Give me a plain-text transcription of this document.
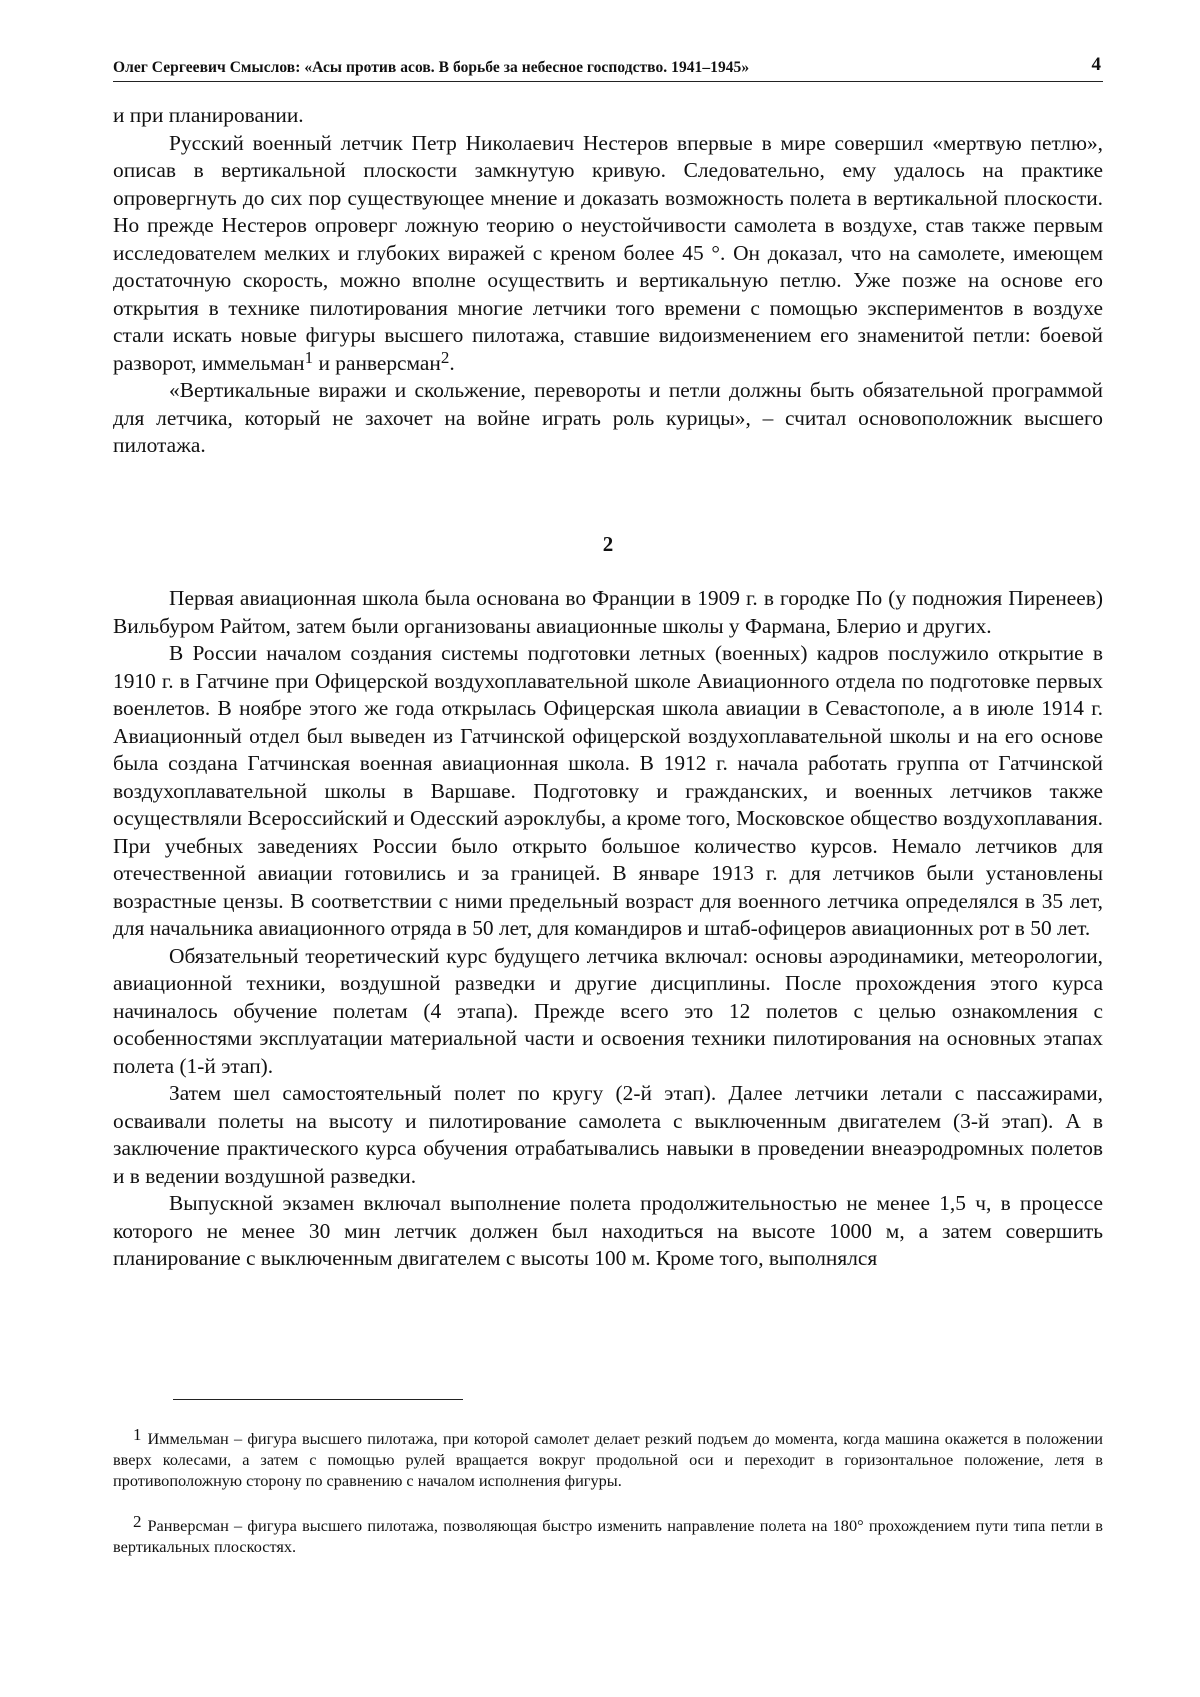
Олег Сергеевич Смыслов: «Асы против асов. В борьбе за небесное господство. 1941–1945»	4

и при планировании.

Русский военный летчик Петр Николаевич Нестеров впервые в мире совершил «мертвую петлю», описав в вертикальной плоскости замкнутую кривую. Следовательно, ему удалось на практике опровергнуть до сих пор существующее мнение и доказать возможность полета в вертикальной плоскости. Но прежде Нестеров опроверг ложную теорию о неустойчивости самолета в воздухе, став также первым исследователем мелких и глубоких виражей с креном более 45 °. Он доказал, что на самолете, имеющем достаточную скорость, можно вполне осуществить и вертикальную петлю. Уже позже на основе его открытия в технике пилотирования многие летчики того времени с помощью экспериментов в воздухе стали искать новые фигуры высшего пилотажа, ставшие видоизменением его знаменитой петли: боевой разворот, иммельман$^1$ и ранверсман$^2$.

«Вертикальные виражи и скольжение, перевороты и петли должны быть обязательной программой для летчика, который не захочет на войне играть роль курицы», – считал основоположник высшего пилотажа.

2

Первая авиационная школа была основана во Франции в 1909 г. в городке По (у подножия Пиренеев) Вильбуром Райтом, затем были организованы авиационные школы у Фармана, Блерио и других.

В России началом создания системы подготовки летных (военных) кадров послужило открытие в 1910 г. в Гатчине при Офицерской воздухоплавательной школе Авиационного отдела по подготовке первых военлетов. В ноябре этого же года открылась Офицерская школа авиации в Севастополе, а в июле 1914 г. Авиационный отдел был выведен из Гатчинской офицерской воздухоплавательной школы и на его основе была создана Гатчинская военная авиационная школа. В 1912 г. начала работать группа от Гатчинской воздухоплавательной школы в Варшаве. Подготовку и гражданских, и военных летчиков также осуществляли Всероссийский и Одесский аэроклубы, а кроме того, Московское общество воздухоплавания. При учебных заведениях России было открыто большое количество курсов. Немало летчиков для отечественной авиации готовились и за границей. В январе 1913 г. для летчиков были установлены возрастные цензы. В соответствии с ними предельный возраст для военного летчика определялся в 35 лет, для начальника авиационного отряда в 50 лет, для командиров и штаб-офицеров авиационных рот в 50 лет.

Обязательный теоретический курс будущего летчика включал: основы аэродинамики, метеорологии, авиационной техники, воздушной разведки и другие дисциплины. После прохождения этого курса начиналось обучение полетам (4 этапа). Прежде всего это 12 полетов с целью ознакомления с особенностями эксплуатации материальной части и освоения техники пилотирования на основных этапах полета (1-й этап).

Затем шел самостоятельный полет по кругу (2-й этап). Далее летчики летали с пассажирами, осваивали полеты на высоту и пилотирование самолета с выключенным двигателем (3-й этап). А в заключение практического курса обучения отрабатывались навыки в проведении внеаэродромных полетов и в ведении воздушной разведки.

Выпускной экзамен включал выполнение полета продолжительностью не менее 1,5 ч, в процессе которого не менее 30 мин летчик должен был находиться на высоте 1000 м, а затем совершить планирование с выключенным двигателем с высоты 100 м. Кроме того, выполнялся

$^1$ Иммельман – фигура высшего пилотажа, при которой самолет делает резкий подъем до момента, когда машина окажется в положении вверх колесами, а затем с помощью рулей вращается вокруг продольной оси и переходит в горизонтальное положение, летя в противоположную сторону по сравнению с началом исполнения фигуры.

$^2$ Ранверсман – фигура высшего пилотажа, позволяющая быстро изменить направление полета на 180° прохождением пути типа петли в вертикальных плоскостях.
